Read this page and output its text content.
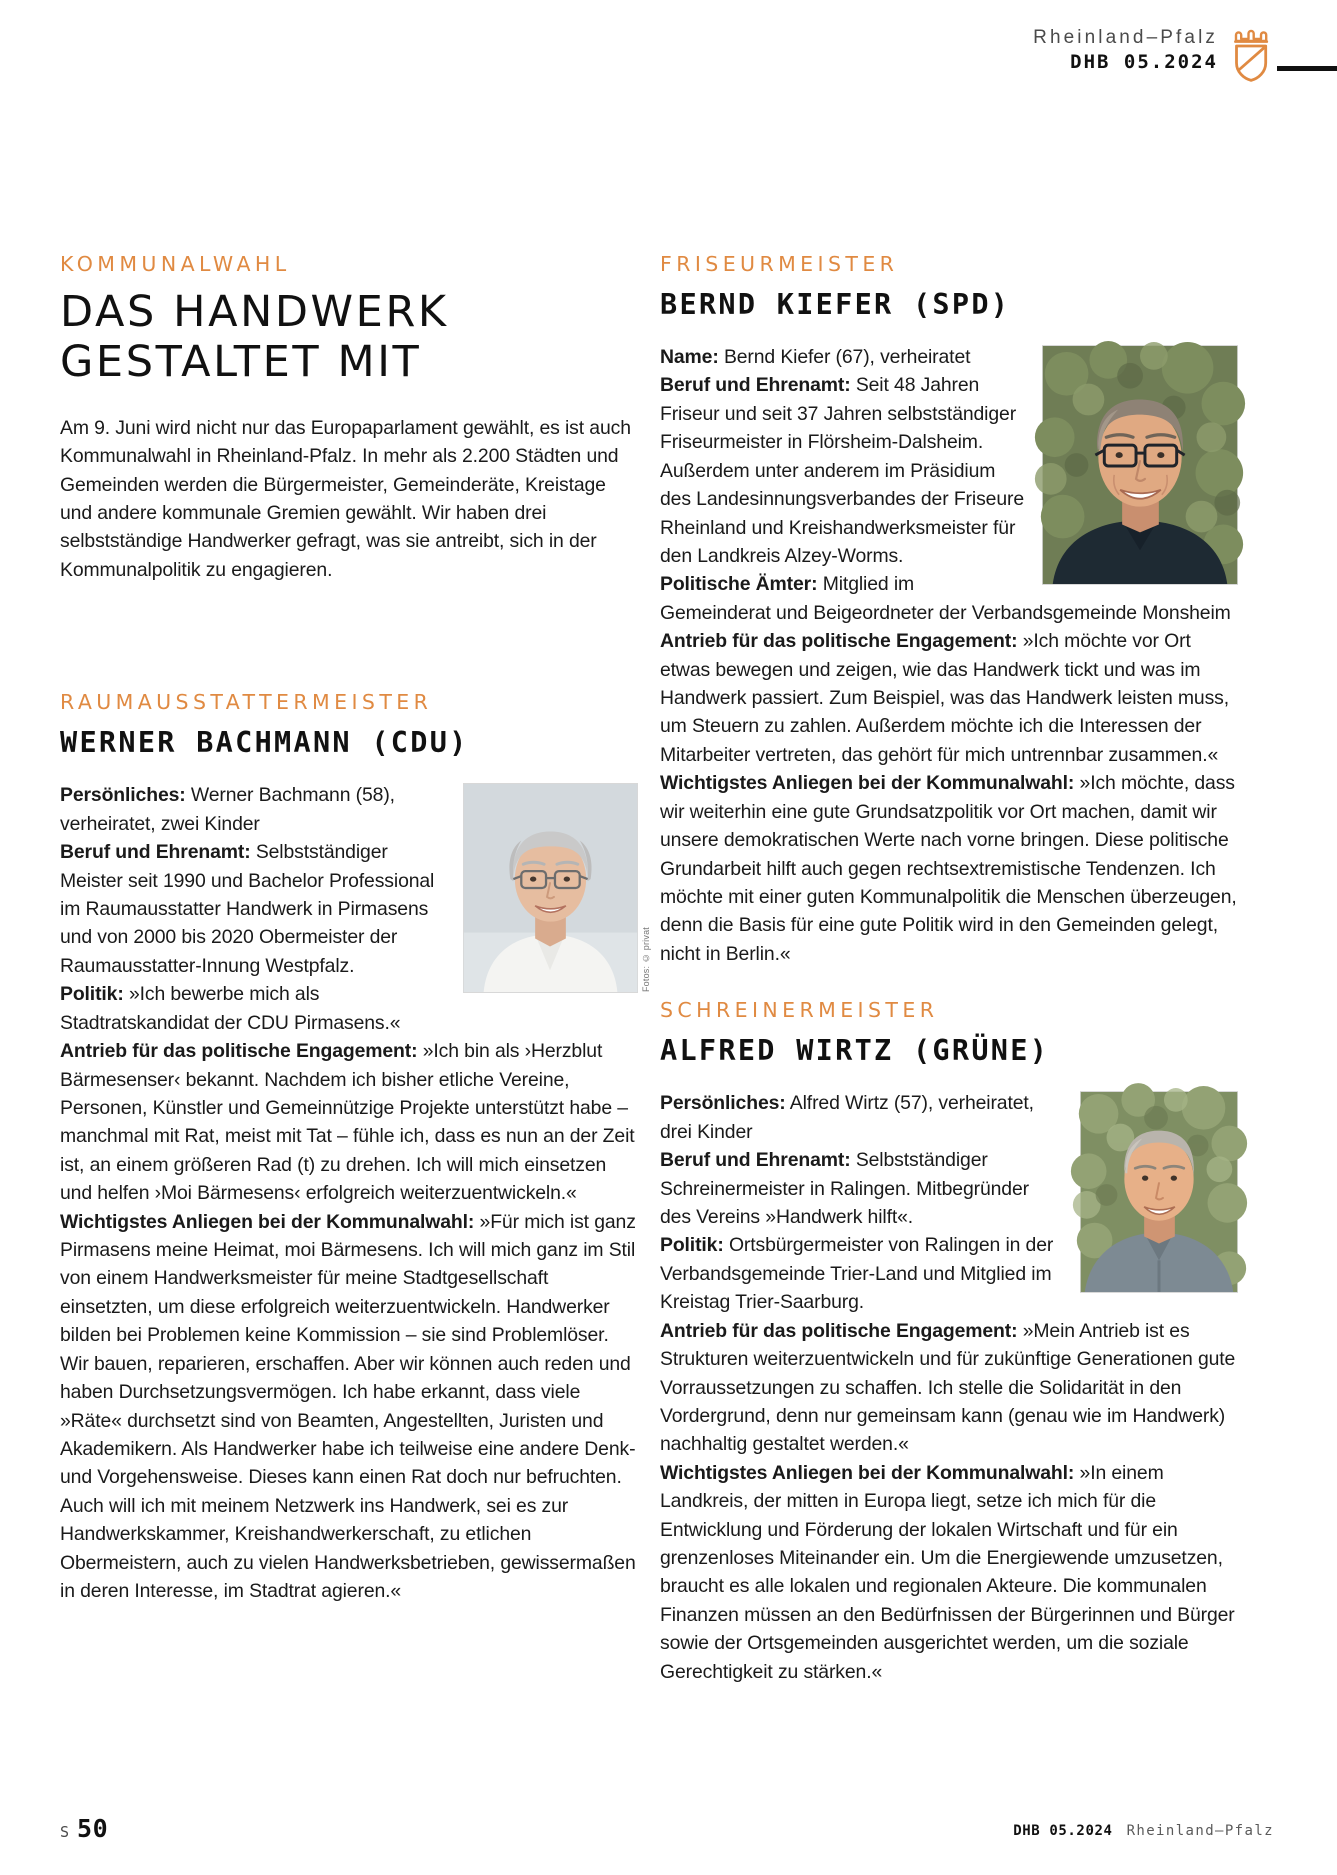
Rheinland–Pfalz
DHB 05.2024
KOMMUNALWAHL
DAS HANDWERK
GESTALTET MIT

Am 9. Juni wird nicht nur das Europaparlament gewählt, es ist auch Kommunalwahl in Rheinland-Pfalz. In mehr als 2.200 Städten und Gemeinden werden die Bürgermeister, Gemeinderäte, Kreistage und andere kommunale Gremien gewählt. Wir haben drei selbstständige Handwerker gefragt, was sie antreibt, sich in der Kommunalpolitik zu engagieren.

RAUMAUSSTATTERMEISTER
WERNER BACHMANN (CDU)
Fotos: © privat

Persönliches: Werner Bachmann (58), verheiratet, zwei Kinder
Beruf und Ehrenamt: Selbstständiger Meister seit 1990 und Bachelor Professional im Raumausstatter Handwerk in Pirmasens und von 2000 bis 2020 Obermeister der Raumausstatter-Innung Westpfalz.
Politik: »Ich bewerbe mich als Stadtratskandidat der CDU Pirmasens.«
Antrieb für das politische Engagement: »Ich bin als ›Herzblut Bärmesenser‹ bekannt. Nachdem ich bisher etliche Vereine, Personen, Künstler und Gemeinnützige Projekte unterstützt habe – manchmal mit Rat, meist mit Tat – fühle ich, dass es nun an der Zeit ist, an einem größeren Rad (t) zu drehen. Ich will mich einsetzen und helfen ›Moi Bärmesens‹ erfolgreich weiterzuentwickeln.«
Wichtigstes Anliegen bei der Kommunalwahl: »Für mich ist ganz Pirmasens meine Heimat, moi Bärmesens. Ich will mich ganz im Stil von einem Handwerksmeister für meine Stadtgesellschaft einsetzten, um diese erfolgreich weiterzuentwickeln. Handwerker bilden bei Problemen keine Kommission – sie sind Problemlöser. Wir bauen, reparieren, erschaffen. Aber wir können auch reden und haben Durchsetzungsvermögen. Ich habe erkannt, dass viele »Räte« durchsetzt sind von Beamten, Angestellten, Juristen und Akademikern. Als Handwerker habe ich teilweise eine andere Denk- und Vorgehensweise. Dieses kann einen Rat doch nur befruchten. Auch will ich mit meinem Netzwerk ins Handwerk, sei es zur Handwerkskammer, Kreishandwerkerschaft, zu etlichen Obermeistern, auch zu vielen Handwerksbetrieben, gewissermaßen in deren Interesse, im Stadtrat agieren.«

FRISEURMEISTER
BERND KIEFER (SPD)

Name: Bernd Kiefer (67), verheiratet
Beruf und Ehrenamt: Seit 48 Jahren Friseur und seit 37 Jahren selbstständiger Friseurmeister in Flörsheim-Dalsheim. Außerdem unter anderem im Präsidium des Landesinnungsverbandes der Friseure Rheinland und Kreishandwerksmeister für den Landkreis Alzey-Worms.
Politische Ämter: Mitglied im Gemeinderat und Beigeordneter der Verbandsgemeinde Monsheim
Antrieb für das politische Engagement: »Ich möchte vor Ort etwas bewegen und zeigen, wie das Handwerk tickt und was im Handwerk passiert. Zum Beispiel, was das Handwerk leisten muss, um Steuern zu zahlen. Außerdem möchte ich die Interessen der Mitarbeiter vertreten, das gehört für mich untrennbar zusammen.«
Wichtigstes Anliegen bei der Kommunalwahl: »Ich möchte, dass wir weiterhin eine gute Grundsatzpolitik vor Ort machen, damit wir unsere demokratischen Werte nach vorne bringen. Diese politische Grundarbeit hilft auch gegen rechtsextremistische Tendenzen. Ich möchte mit einer guten Kommunalpolitik die Menschen überzeugen, denn die Basis für eine gute Politik wird in den Gemeinden gelegt, nicht in Berlin.«

SCHREINERMEISTER
ALFRED WIRTZ (GRÜNE)

Persönliches: Alfred Wirtz (57), verheiratet, drei Kinder
Beruf und Ehrenamt: Selbstständiger Schreinermeister in Ralingen. Mitbegründer des Vereins »Handwerk hilft«.
Politik: Ortsbürgermeister von Ralingen in der Verbandsgemeinde Trier-Land und Mitglied im Kreistag Trier-Saarburg.
Antrieb für das politische Engagement: »Mein Antrieb ist es Strukturen weiterzuentwickeln und für zukünftige Generationen gute Vorraussetzungen zu schaffen. Ich stelle die Solidarität in den Vordergrund, denn nur gemeinsam kann (genau wie im Handwerk) nachhaltig gestaltet werden.«
Wichtigstes Anliegen bei der Kommunalwahl: »In einem Landkreis, der mitten in Europa liegt, setze ich mich für die Entwicklung und Förderung der lokalen Wirtschaft und für ein grenzenloses Miteinander ein. Um die Energiewende umzusetzen, braucht es alle lokalen und regionalen Akteure. Die kommunalen Finanzen müssen an den Bedürfnissen der Bürgerinnen und Bürger sowie der Ortsgemeinden ausgerichtet werden, um die soziale Gerechtigkeit zu stärken.«

S 50	DHB 05.2024 Rheinland–Pfalz
